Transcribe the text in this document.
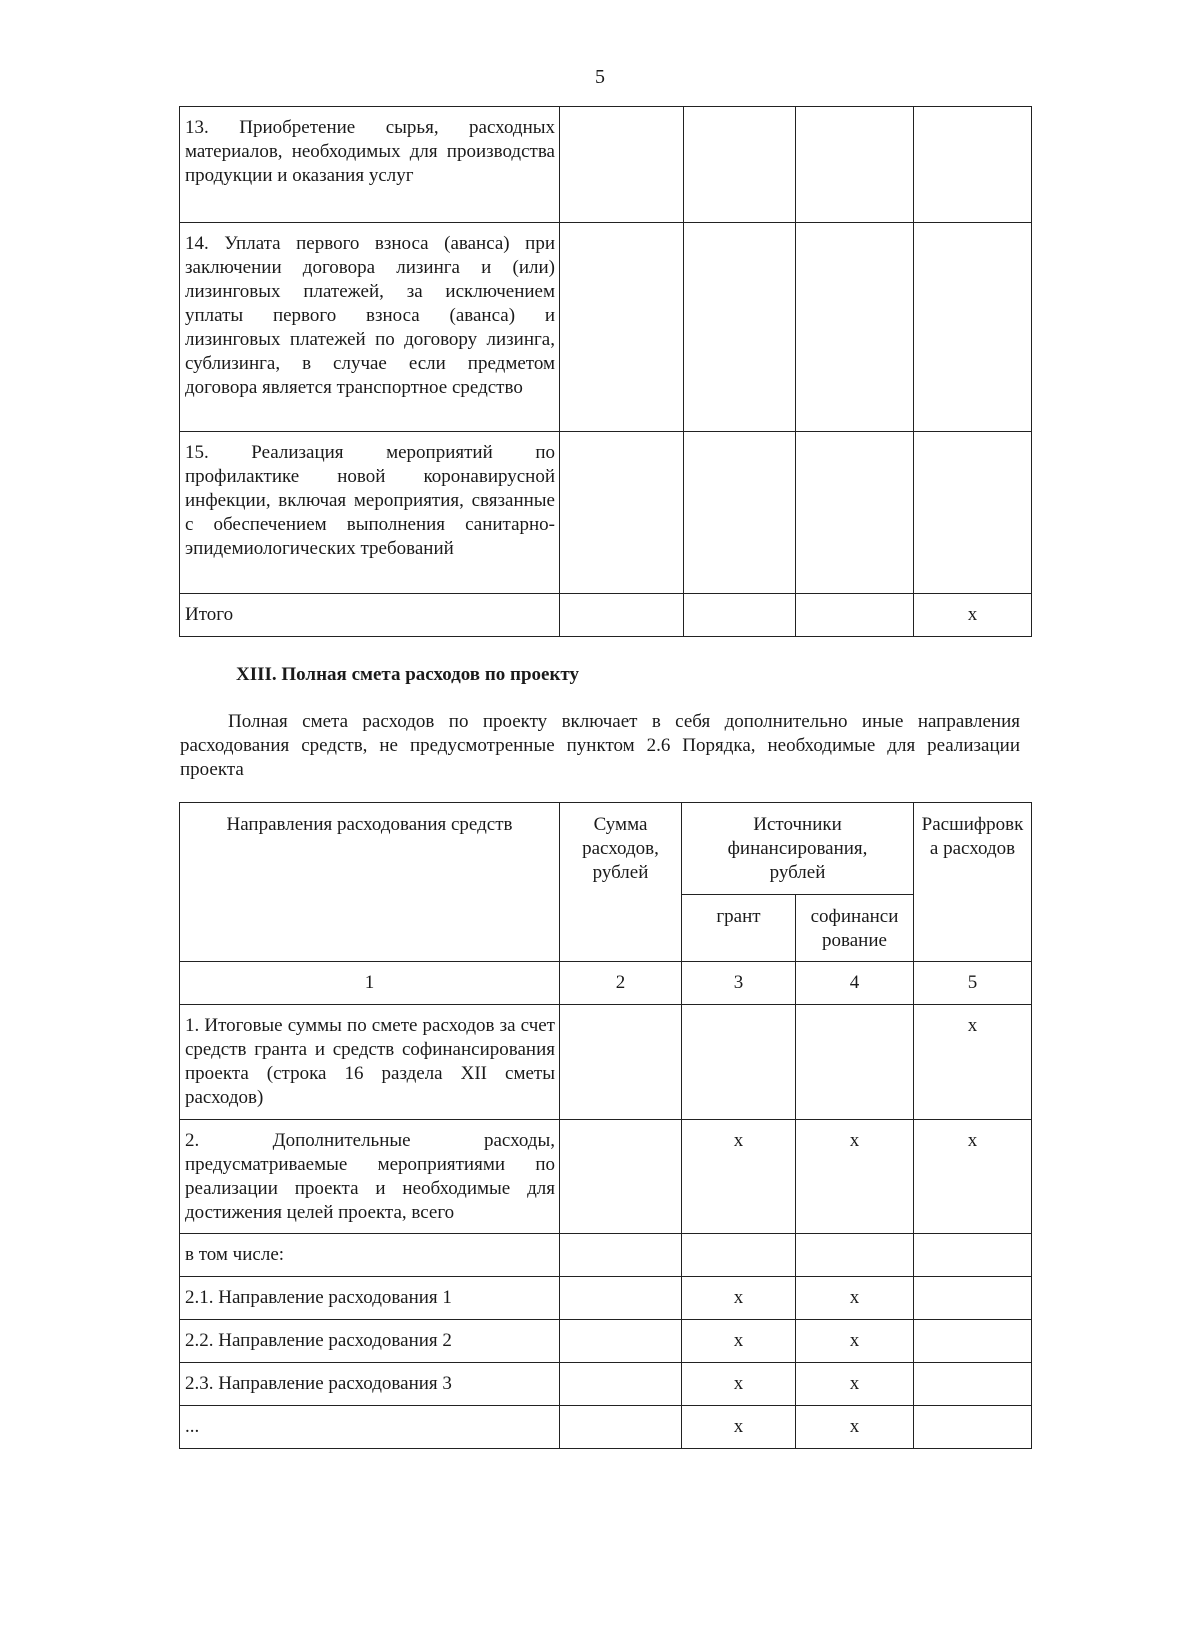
5
13. Приобретение сырья, расходных материалов, необходимых для производства продукции и оказания услуг				

14. Уплата первого взноса (аванса) при заключении договора лизинга и (или) лизинговых платежей, за исключением уплаты первого взноса (аванса) и лизинговых платежей по договору лизинга, сублизинга, в случае если предметом договора является транспортное средство				

15. Реализация мероприятий по профилактике новой коронавирусной инфекции, включая мероприятия, связанные с обеспечением выполнения санитарно-эпидемиологических требований				

Итого				х
XIII. Полная смета расходов по проекту
Полная смета расходов по проекту включает в себя дополнительно иные направления расходования средств, не предусмотренные пунктом 2.6 Порядка, необходимые для реализации проекта
Направления расходования средств	Сумма расходов, рублей	Источники финансирования, рублей		Расшифровк а расходов
		грант	софинанси рование	
1	2	3	4	5

1. Итоговые суммы по смете расходов за счет средств гранта и средств софинансирования проекта (строка 16 раздела XII сметы расходов)				х

2. Дополнительные расходы, предусматриваемые мероприятиями по реализации проекта и необходимые для достижения целей проекта, всего		х	х	х
в том числе:				
2.1. Направление расходования 1		х	х	
2.2. Направление расходования 2		х	х	
2.3. Направление расходования 3		х	х	
...		х	х	
